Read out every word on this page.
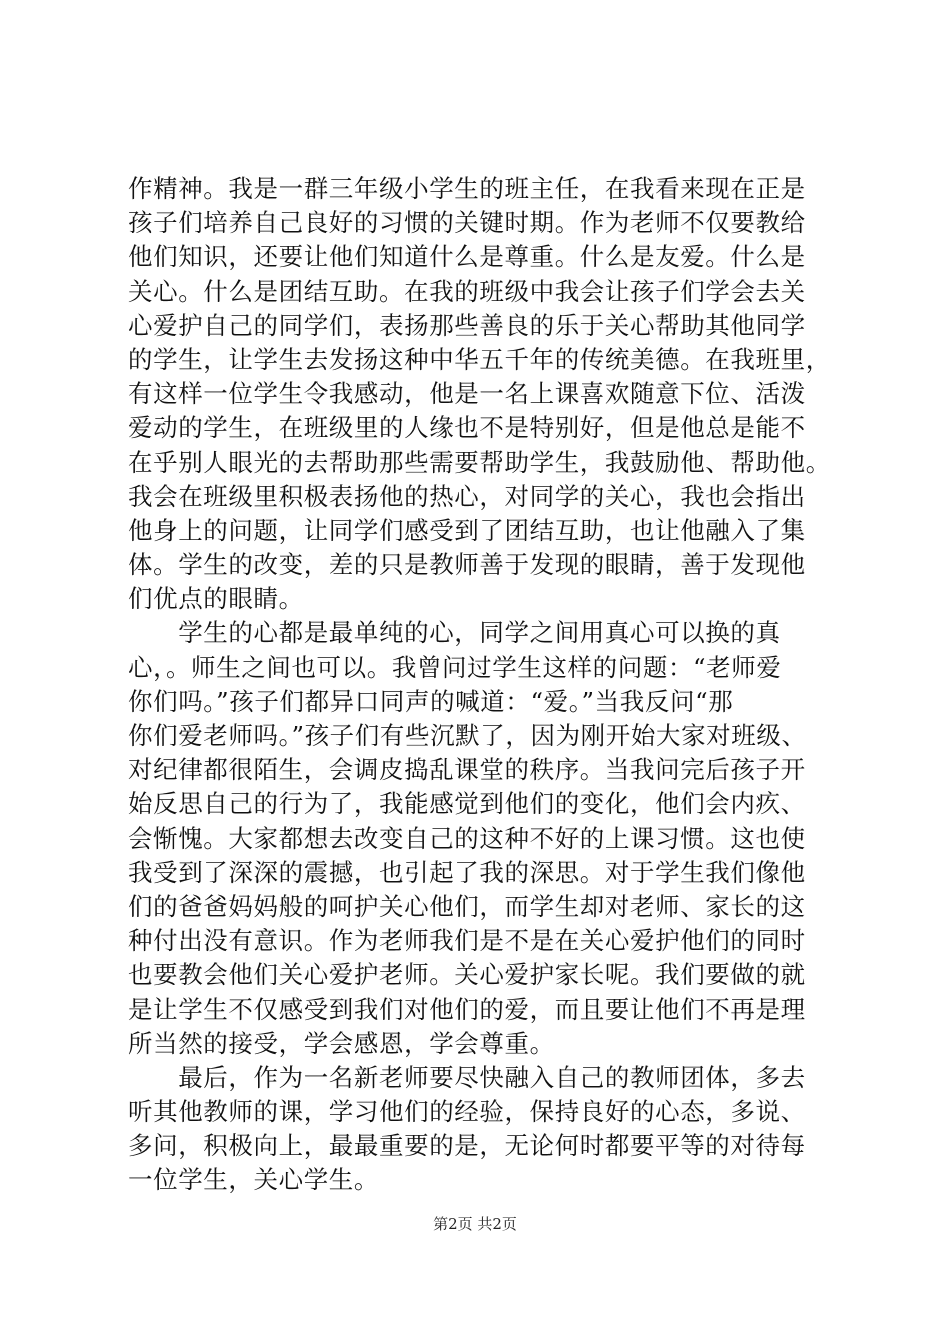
作精神。我是一群三年级小学生的班主任，在我看来现在正是
孩子们培养自己良好的习惯的关键时期。作为老师不仅要教给
他们知识，还要让他们知道什么是尊重。什么是友爱。什么是
关心。什么是团结互助。在我的班级中我会让孩子们学会去关
心爱护自己的同学们，表扬那些善良的乐于关心帮助其他同学
的学生，让学生去发扬这种中华五千年的传统美德。在我班里，
有这样一位学生令我感动，他是一名上课喜欢随意下位、活泼
爱动的学生，在班级里的人缘也不是特别好，但是他总是能不
在乎别人眼光的去帮助那些需要帮助学生，我鼓励他、帮助他。
我会在班级里积极表扬他的热心，对同学的关心，我也会指出
他身上的问题，让同学们感受到了团结互助，也让他融入了集
体。学生的改变，差的只是教师善于发现的眼睛，善于发现他
们优点的眼睛。
　　学生的心都是最单纯的心，同学之间用真心可以换的真
心，。师生之间也可以。我曾问过学生这样的问题：“老师爱
你们吗。”孩子们都异口同声的喊道：“爱。”当我反问“那
你们爱老师吗。”孩子们有些沉默了，因为刚开始大家对班级、
对纪律都很陌生，会调皮捣乱课堂的秩序。当我问完后孩子开
始反思自己的行为了，我能感觉到他们的变化，他们会内疚、
会惭愧。大家都想去改变自己的这种不好的上课习惯。这也使
我受到了深深的震撼，也引起了我的深思。对于学生我们像他
们的爸爸妈妈般的呵护关心他们，而学生却对老师、家长的这
种付出没有意识。作为老师我们是不是在关心爱护他们的同时
也要教会他们关心爱护老师。关心爱护家长呢。我们要做的就
是让学生不仅感受到我们对他们的爱，而且要让他们不再是理
所当然的接受，学会感恩，学会尊重。
　　最后，作为一名新老师要尽快融入自己的教师团体，多去
听其他教师的课，学习他们的经验，保持良好的心态，多说、
多问，积极向上，最最重要的是，无论何时都要平等的对待每
一位学生，关心学生。
第2页 共2页
